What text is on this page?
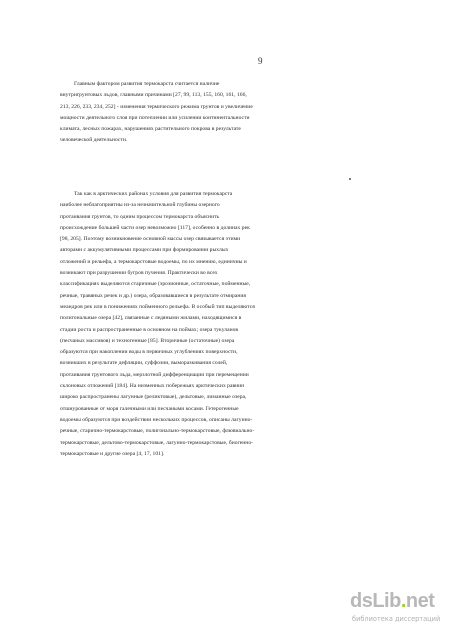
9
Главным фактором развития термокарста считается наличие
внутригрунтовых льдов, главными причинами [27, 99, 113, 155, 160, 161, 166,
213, 226, 233, 234, 252] - изменения термического режима грунтов и увеличение
мощности деятельного слоя при потеплении или усилении континентальности
климата, лесных пожарах, нарушениях растительного покрова в результате
человеческой деятельности.
Так как в арктических районах условия для развития термокарста
наиболее неблагоприятны из-за незначительной глубины озерного
протаивания грунтов, то одним процессом термокарста объяснить
происхождение большей части озер невозможно [117], особенно в долинах рек
[98, 205]. Поэтому возникновение основной массы озер связывается этими
авторами с аккумулятивными процессами при формировании рыхлых
отложений и рельефа, а термокарстовые водоемы, по их мнению, единичны и
возникают при разрушении бугров пучения. Практически во всех
классификациях выделяются старичные (эрозионные, остаточные, пойменные,
речные, травяных речек и др.) озера, образовавшиеся в результате отмирания
меандров рек или в понижениях пойменного рельефа. В особый тип выделяются
полигональные озера [42], связанные с ледяными жилами, находящимися в
стадии роста и распространенные в основном на поймах; озера тукуланов
(песчаных массивов) и техногенные [85]. Вторичные (остаточные) озера
образуются при накоплении воды в первичных углублениях поверхности,
возникших в результате дефляции, суффозии, выморазкивания солей,
протаивания грунтового льда, мерзлотной дифференциации при перемещении
склоновых отложений [184]. На низменных побережьях арктических равнин
широко распространены лагунные (реликтовые), дельтовые, лиманные озера,
отшнурованные от моря галечными или песчаными косами. Гетерогенные
водоемы образуются при воздействии нескольких процессов, описаны лагунно-
речные, старично-термокарстовые, полигонально-термокарстовые, флювиально-
термокарстовые, дельтово-термокарстовые, лагунно-термокарстовые, биогенно-
термокарстовые и другие озера [4, 17, 101].
dsLib.net
библиотека диссертаций
